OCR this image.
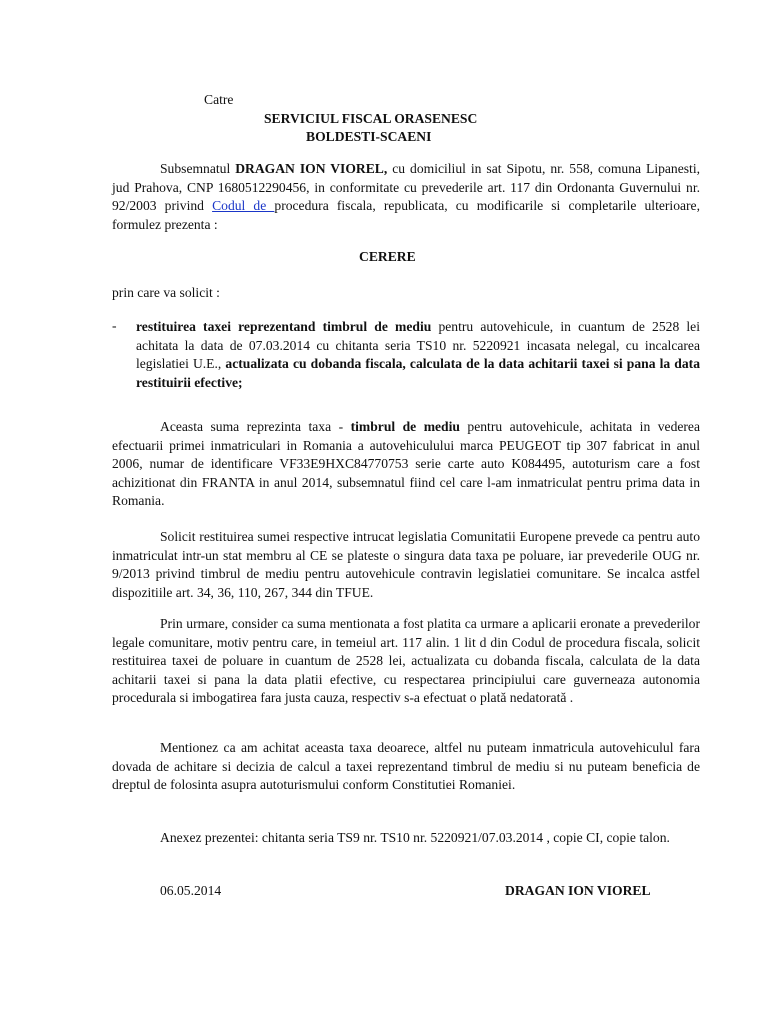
Catre
SERVICIUL FISCAL ORASENESC
BOLDESTI-SCAENI

Subsemnatul DRAGAN ION VIOREL, cu domiciliul in sat Sipotu, nr. 558, comuna Lipanesti, jud Prahova, CNP 1680512290456, in conformitate cu prevederile art. 117 din Ordonanta Guvernului nr. 92/2003 privind Codul de procedura fiscala, republicata, cu modificarile si completarile ulterioare, formulez prezenta :

CERERE
prin care va solicit :
- restituirea taxei reprezentand timbrul de mediu pentru autovehicule, in cuantum de 2528 lei achitata la data de 07.03.2014 cu chitanta seria TS10 nr. 5220921 incasata nelegal, cu incalcarea legislatiei U.E., actualizata cu dobanda fiscala, calculata de la data achitarii taxei si pana la data restituirii efective;

Aceasta suma reprezinta taxa - timbrul de mediu pentru autovehicule, achitata in vederea efectuarii primei inmatriculari in Romania a autovehiculului marca PEUGEOT tip 307 fabricat in anul 2006, numar de identificare VF33E9HXC84770753 serie carte auto K084495, autoturism care a fost achizitionat din FRANTA in anul 2014, subsemnatul fiind cel care l-am inmatriculat pentru prima data in Romania.

Solicit restituirea sumei respective intrucat legislatia Comunitatii Europene prevede ca pentru auto inmatriculat intr-un stat membru al CE se plateste o singura data taxa pe poluare, iar prevederile OUG nr. 9/2013 privind timbrul de mediu pentru autovehicule contravin legislatiei comunitare. Se incalca astfel dispozitiile art. 34, 36, 110, 267, 344 din TFUE.

Prin urmare, consider ca suma mentionata a fost platita ca urmare a aplicarii eronate a prevederilor legale comunitare, motiv pentru care, in temeiul art. 117 alin. 1 lit d din Codul de procedura fiscala, solicit restituirea taxei de poluare in cuantum de 2528 lei, actualizata cu dobanda fiscala, calculata de la data achitarii taxei si pana la data platii efective, cu respectarea principiului care guverneaza autonomia procedurala si imbogatirea fara justa cauza, respectiv s-a efectuat o plată nedatorată .

Mentionez ca am achitat aceasta taxa deoarece, altfel nu puteam inmatricula autovehiculul fara dovada de achitare si decizia de calcul a taxei reprezentand timbrul de mediu si nu puteam beneficia de dreptul de folosinta asupra autoturismului conform Constitutiei Romaniei.

Anexez prezentei: chitanta seria TS9 nr. TS10 nr. 5220921/07.03.2014 , copie CI, copie talon.

06.05.2014	DRAGAN ION VIOREL
